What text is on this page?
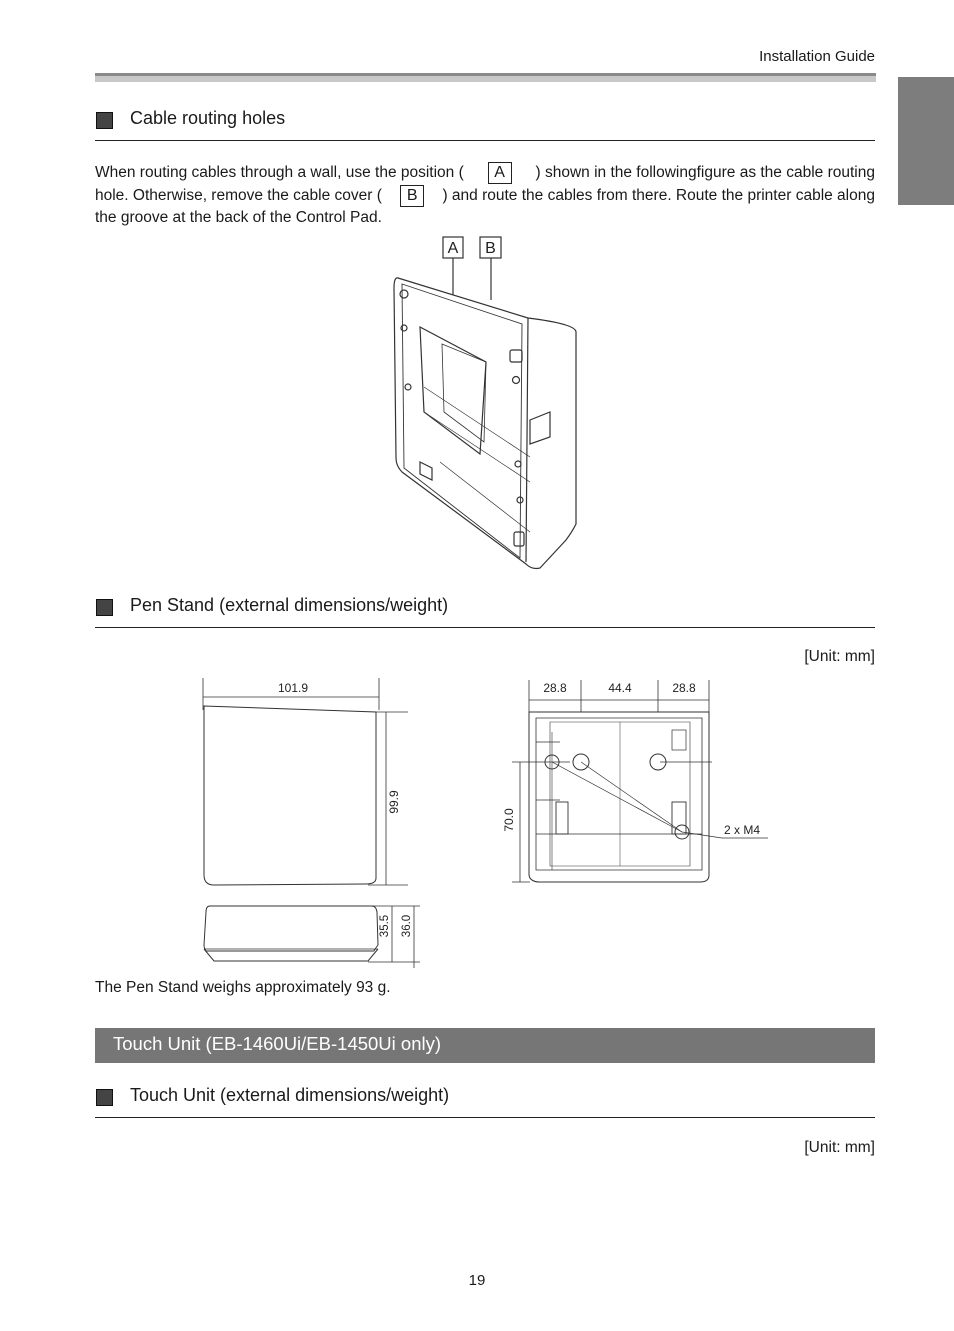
Installation Guide
Cable routing holes
When routing cables through a wall, use the position (	A	) shown in the followingfigure as the cable routing
hole. Otherwise, remove the cable cover (	B	) and route the cables from there. Route the printer cable along
the groove at the back of the Control Pad.
A B
Pen Stand (external dimensions/weight)
[Unit: mm]
101.9
99.9
35.5 36.0
28.8	44.4	28.8
70.0	2 x M4
The Pen Stand weighs approximately 93 g.
Touch Unit (EB-1460Ui/EB-1450Ui only)
Touch Unit (external dimensions/weight)
[Unit: mm]
19
